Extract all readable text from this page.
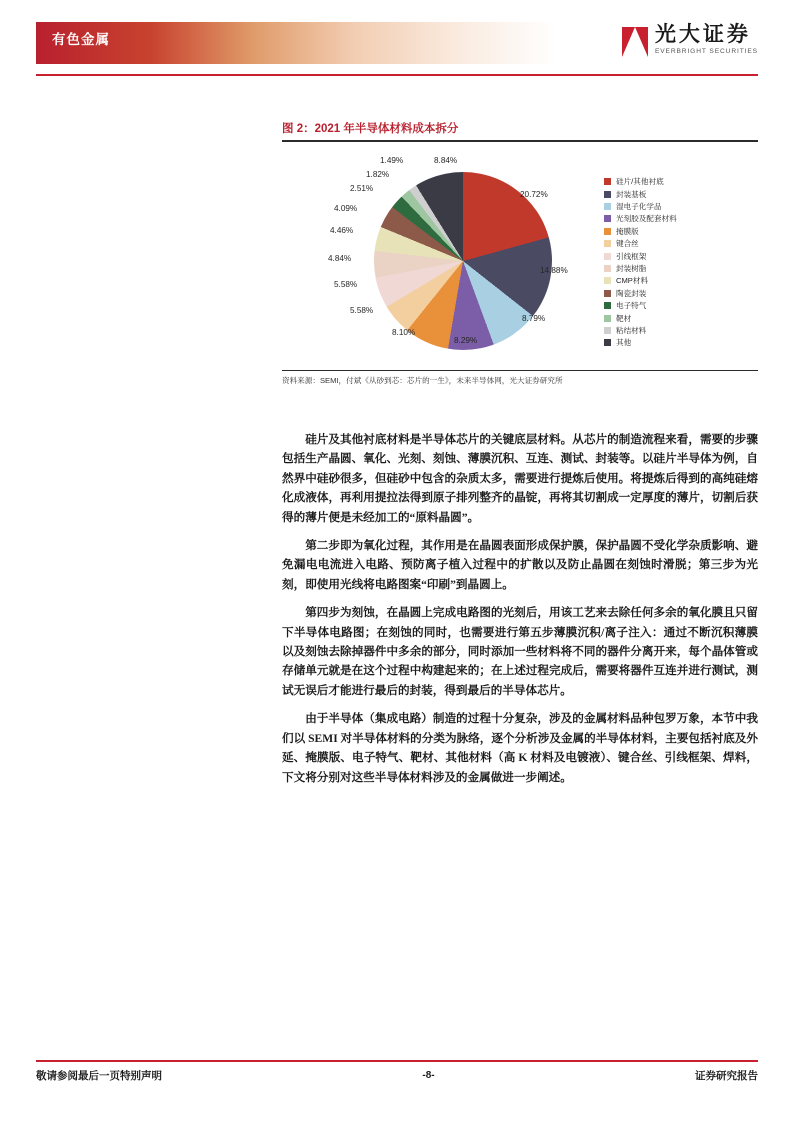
有色金属	光大证券
EVERBRIGHT SECURITIES
图 2：2021 年半导体材料成本拆分
20.72%
14.88%
8.79%
8.29%
8.10%
5.58%
5.58%
4.84%
4.46%
4.09%
2.51%
1.82%
1.49%	8.84%
硅片/其他衬底
封装基板
湿电子化学品
光刻胶及配套材料
掩膜版
键合丝
引线框架
封装树脂
CMP材料
陶瓷封装
电子特气
靶材
粘结材料
其他
资料来源：SEMI，付斌《从砂到芯：芯片的一生》，未来半导体网，光大证券研究所

硅片及其他衬底材料是半导体芯片的关键底层材料。从芯片的制造流程来看，需要的步骤包括生产晶圆、氧化、光刻、刻蚀、薄膜沉积、互连、测试、封装等。以硅片半导体为例，自然界中硅砂很多，但硅砂中包含的杂质太多，需要进行提炼后使用。将提炼后得到的高纯硅熔化成液体，再利用提拉法得到原子排列整齐的晶锭，再将其切割成一定厚度的薄片，切割后获得的薄片便是未经加工的“原料晶圆”。

第二步即为氧化过程，其作用是在晶圆表面形成保护膜，保护晶圆不受化学杂质影响、避免漏电电流进入电路、预防离子植入过程中的扩散以及防止晶圆在刻蚀时滑脱；第三步为光刻，即使用光线将电路图案“印刷”到晶圆上。

第四步为刻蚀，在晶圆上完成电路图的光刻后，用该工艺来去除任何多余的氧化膜且只留下半导体电路图；在刻蚀的同时，也需要进行第五步薄膜沉积/离子注入：通过不断沉积薄膜以及刻蚀去除掉器件中多余的部分，同时添加一些材料将不同的器件分离开来，每个晶体管或存储单元就是在这个过程中构建起来的；在上述过程完成后，需要将器件互连并进行测试，测试无误后才能进行最后的封装，得到最后的半导体芯片。

由于半导体（集成电路）制造的过程十分复杂，涉及的金属材料品种包罗万象，本节中我们以 SEMI 对半导体材料的分类为脉络，逐个分析涉及金属的半导体材料，主要包括衬底及外延、掩膜版、电子特气、靶材、其他材料（高 K 材料及电镀液）、键合丝、引线框架、焊料，下文将分别对这些半导体材料涉及的金属做进一步阐述。

敬请参阅最后一页特别声明	-8-	证券研究报告
